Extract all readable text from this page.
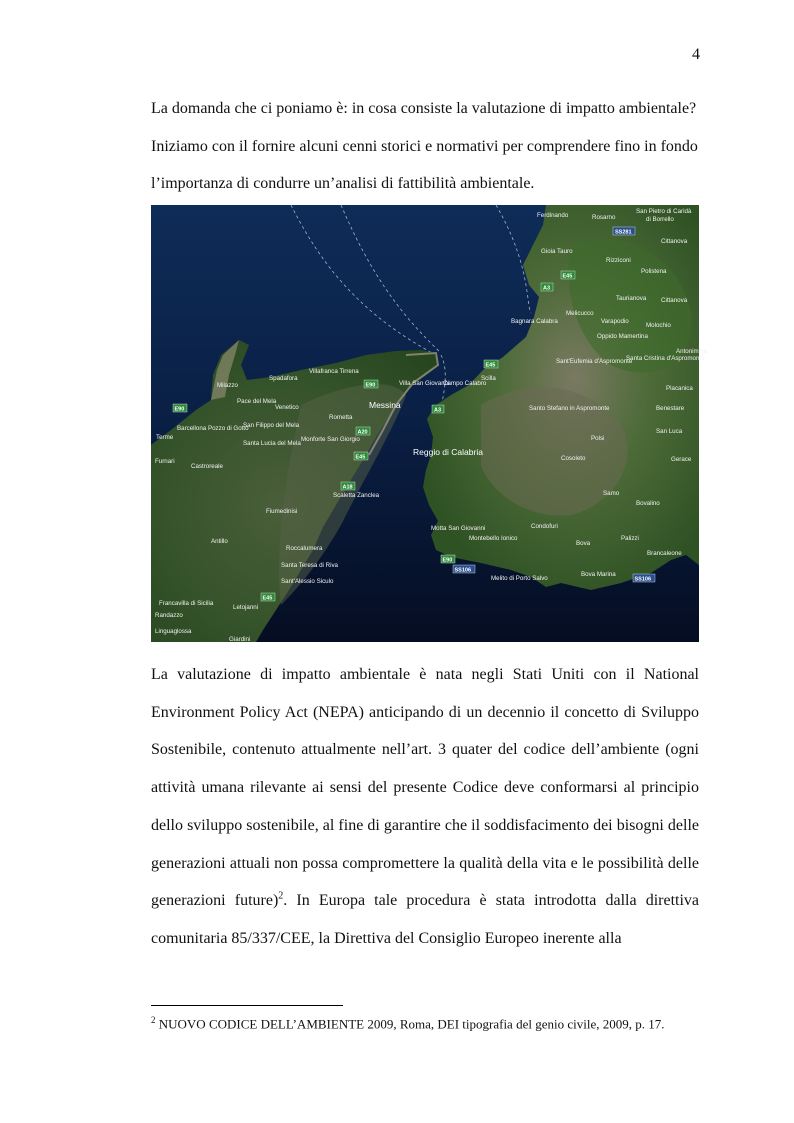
4
La domanda che ci poniamo è: in cosa consiste la valutazione di impatto ambientale?
Iniziamo con il fornire alcuni cenni storici e normativi per comprendere fino in fondo
l’importanza di condurre un’analisi di fattibilità ambientale.
Ferdinando	Rosarno
San Pietro di Caridà
di Borrello
Gioia Tauro
Rizziconi
Cittanova
Polistena
Taurianova Cittanova
Melicucco
Varapodio
Molochio
Oppido Mamertina
Bagnara Calabra
Santa Cristina d'Aspromonte
Sant'Eufemia d'Aspromonte
Antonimina
Milazzo
Spadafora
Villafranca Tirrena
Pace del Mela
Venetico
Rometta
Villa San Giovanni
Campo Calabro
Scilla
Santo Stefano in Aspromonte	Benestare
San Luca
Barcellona Pozzo di Gotto
Terme
San Filippo del Mela
Santa Lucia del Mela
Monforte San Giorgio
Messina
Gerace
Furnari
Castroreale
Reggio di Calabria
Cosoleto
Scaletta Zanclea	Samo
Bovalino
Fiumedinisi
Roccalumera
Motta San Giovanni
Montebello Ionico
Condofuri
Bova
Palizzi
Brancaleone
Santa Teresa di Riva
Sant'Alessio Siculo	Melito di Porto Salvo
Bova Marina
Antillo
Letojanni
Giardini
Linguaglossa
Randazzo
Francavilla di Sicilia
Placanica
Polsi
SS281
E45
A3
E45
E90
A20
E45
A18
E90
SS106
SS106
E45
E90	A3

La valutazione di impatto ambientale è nata negli Stati Uniti con il National Environment Policy Act (NEPA) anticipando di un decennio il concetto di Sviluppo Sostenibile, contenuto attualmente nell’art. 3 quater del codice dell’ambiente (ogni attività umana rilevante ai sensi del presente Codice deve conformarsi al principio dello sviluppo sostenibile, al fine di garantire che il soddisfacimento dei bisogni delle generazioni attuali non possa compromettere la qualità della vita e le possibilità delle generazioni future)$^2$. In Europa tale procedura è stata introdotta dalla direttiva comunitaria 85/337/CEE, la Direttiva del Consiglio Europeo inerente alla

$^2$ NUOVO CODICE DELL’AMBIENTE 2009, Roma, DEI tipografia del genio civile, 2009, p. 17.
